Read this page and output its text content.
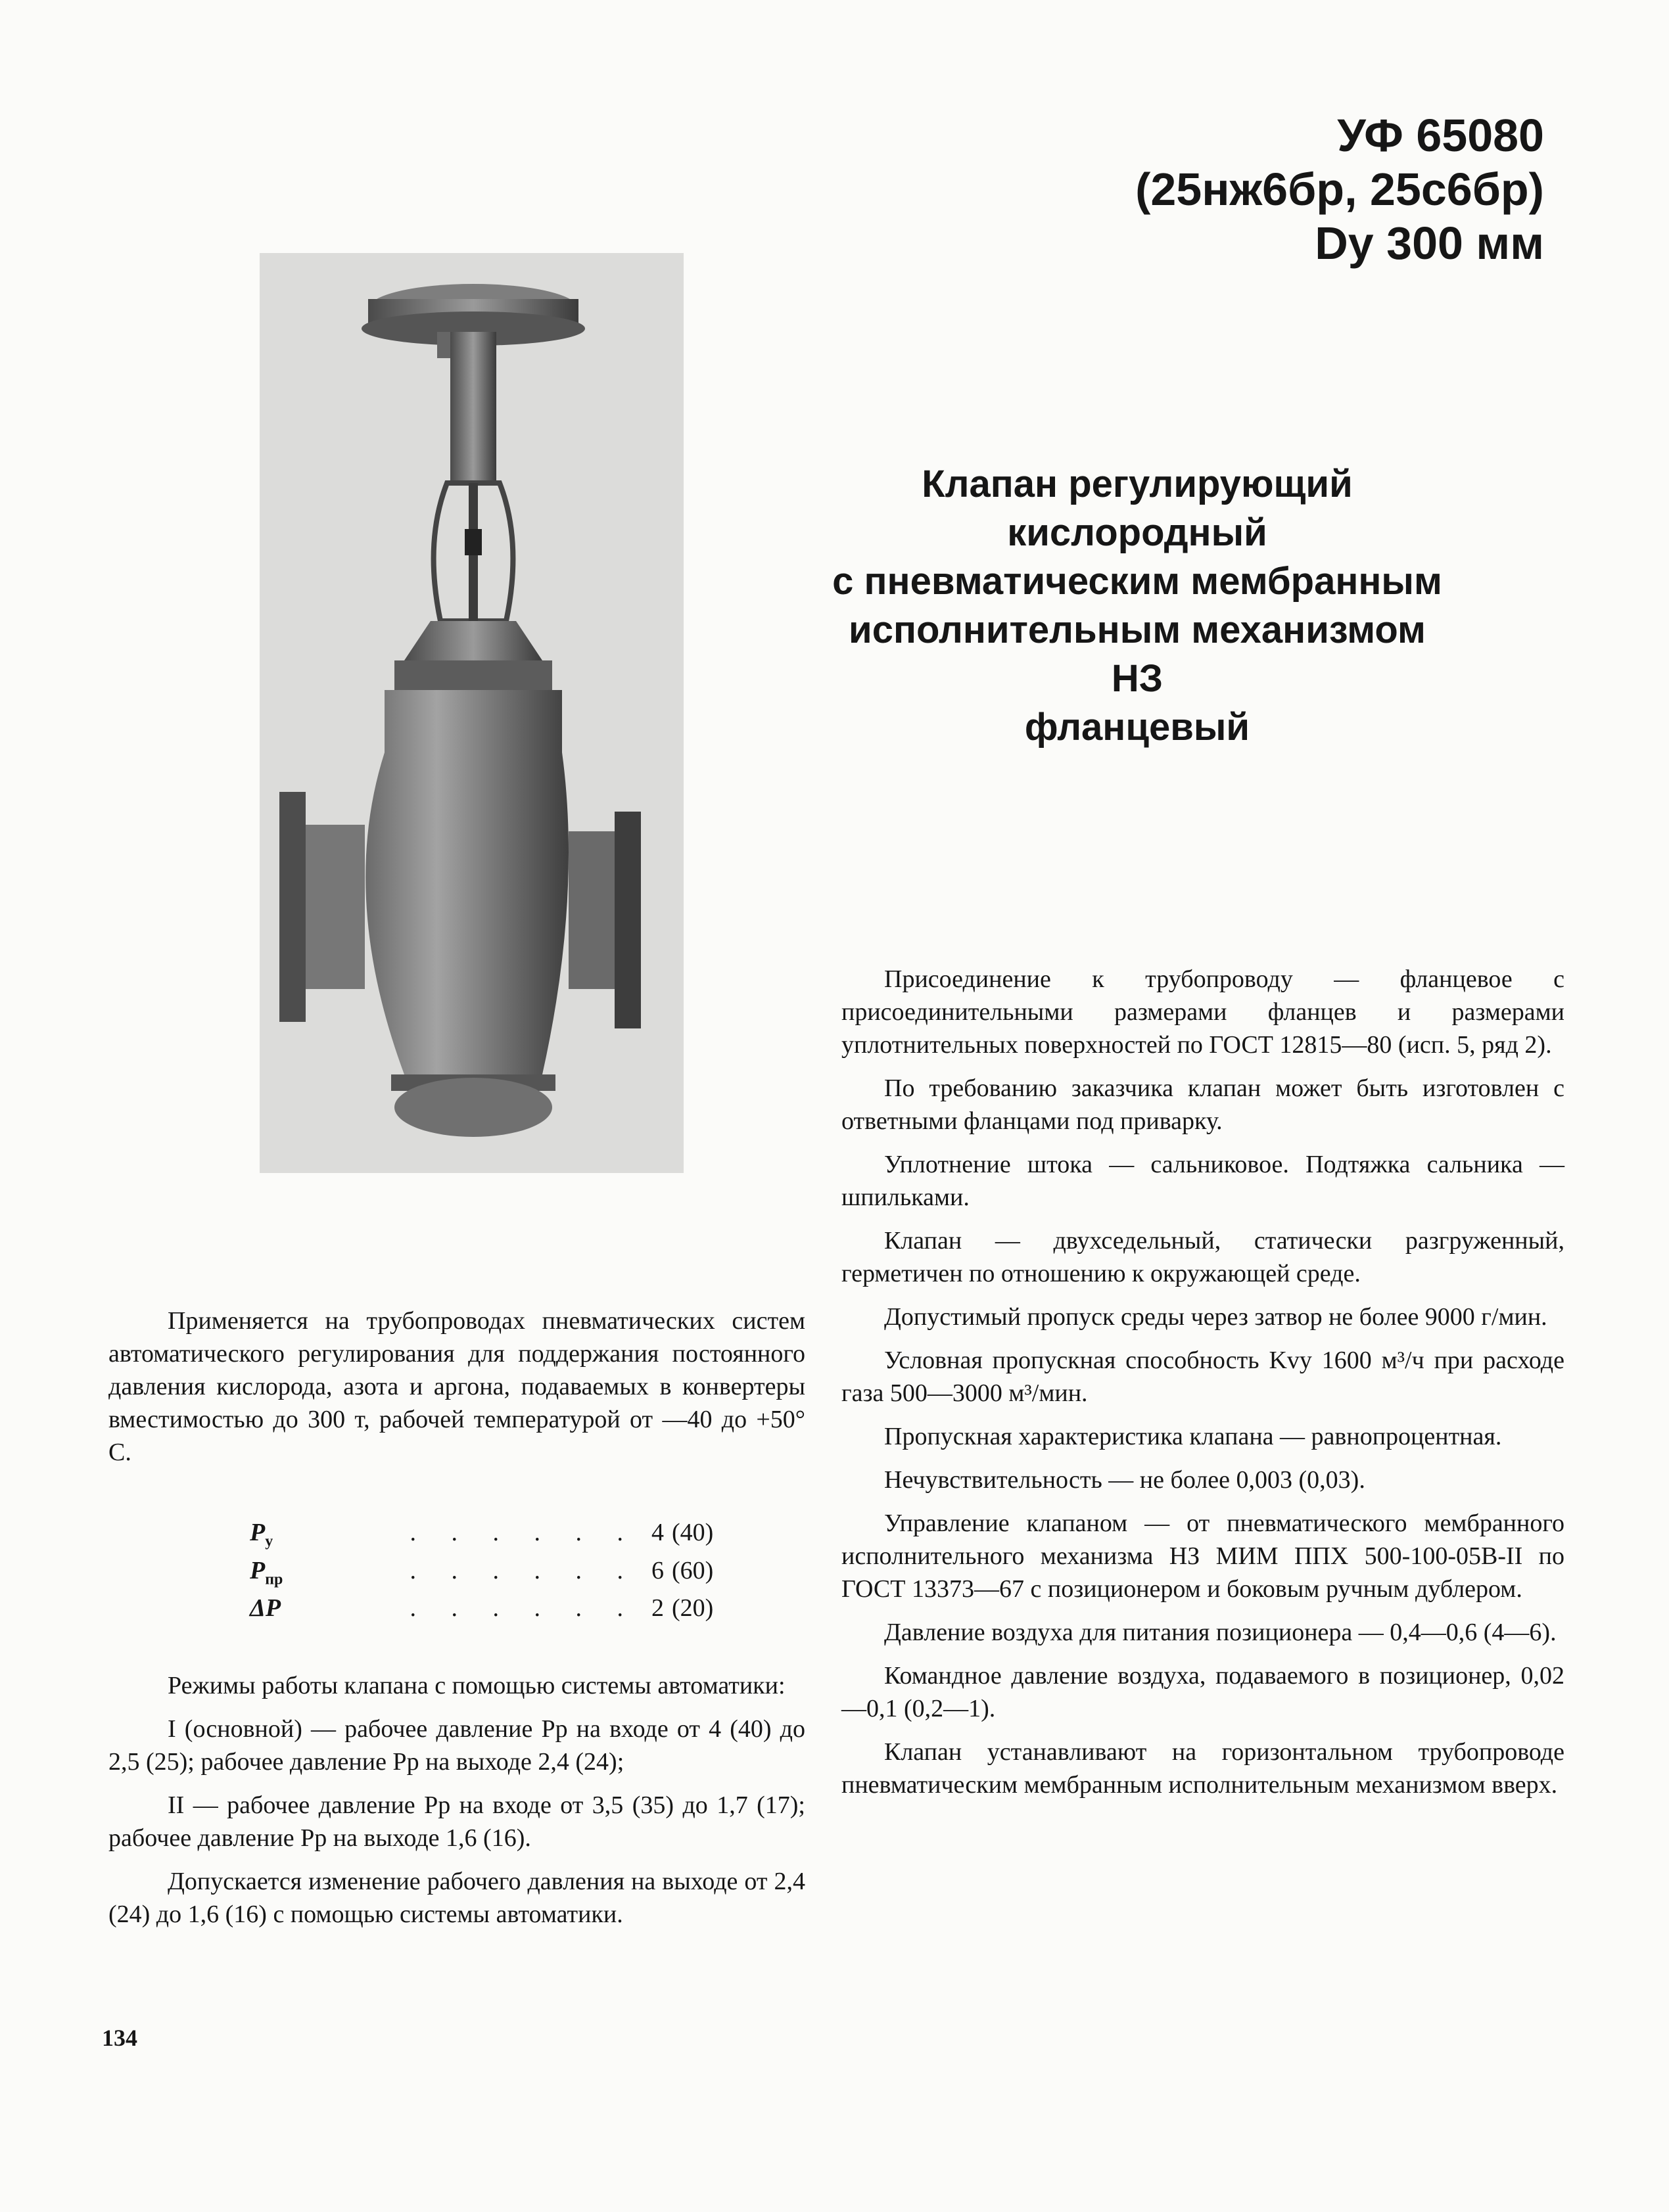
УФ 65080
(25нж6бр, 25с6бр)
Dy 300 мм
Клапан регулирующий
кислородный
с пневматическим мембранным
исполнительным механизмом
НЗ
фланцевый

Применяется на трубопроводах пневматических систем автоматического регулирования для поддержания постоянного давления кислорода, азота и аргона, подаваемых в конвертеры вместимостью до 300 т, рабочей температурой от —40 до +50° С.

$P_у$	. . . . . .	4	(40)
$P_{пр}$	. . . . . .	6	(60)
ΔP	. . . . . .	2	(20)

Режимы работы клапана с помощью системы автоматики:

I (основной) — рабочее давление Pр на входе от 4 (40) до 2,5 (25); рабочее давление Pр на выходе 2,4 (24);

II — рабочее давление Pр на входе от 3,5 (35) до 1,7 (17); рабочее давление Pр на выходе 1,6 (16).

Допускается изменение рабочего давления на выходе от 2,4 (24) до 1,6 (16) с помощью системы автоматики.

Присоединение к трубопроводу — фланцевое с присоединительными размерами фланцев и размерами уплотнительных поверхностей по ГОСТ 12815—80 (исп. 5, ряд 2).

По требованию заказчика клапан может быть изготовлен с ответными фланцами под приварку.

Уплотнение штока — сальниковое. Подтяжка сальника — шпильками.

Клапан — двухседельный, статически разгруженный, герметичен по отношению к окружающей среде.

Допустимый пропуск среды через затвор не более 9000 г/мин.

Условная пропускная способность Kvy 1600 м³/ч при расходе газа 500—3000 м³/мин.

Пропускная характеристика клапана — равнопроцентная.

Нечувствительность — не более 0,003 (0,03).

Управление клапаном — от пневматического мембранного исполнительного механизма НЗ МИМ ППХ 500-100-05В-II по ГОСТ 13373—67 с позиционером и боковым ручным дублером.

Давление воздуха для питания позиционера — 0,4—0,6 (4—6).

Командное давление воздуха, подаваемого в позиционер, 0,02—0,1 (0,2—1).

Клапан устанавливают на горизонтальном трубопроводе пневматическим мембранным исполнительным механизмом вверх.

134
